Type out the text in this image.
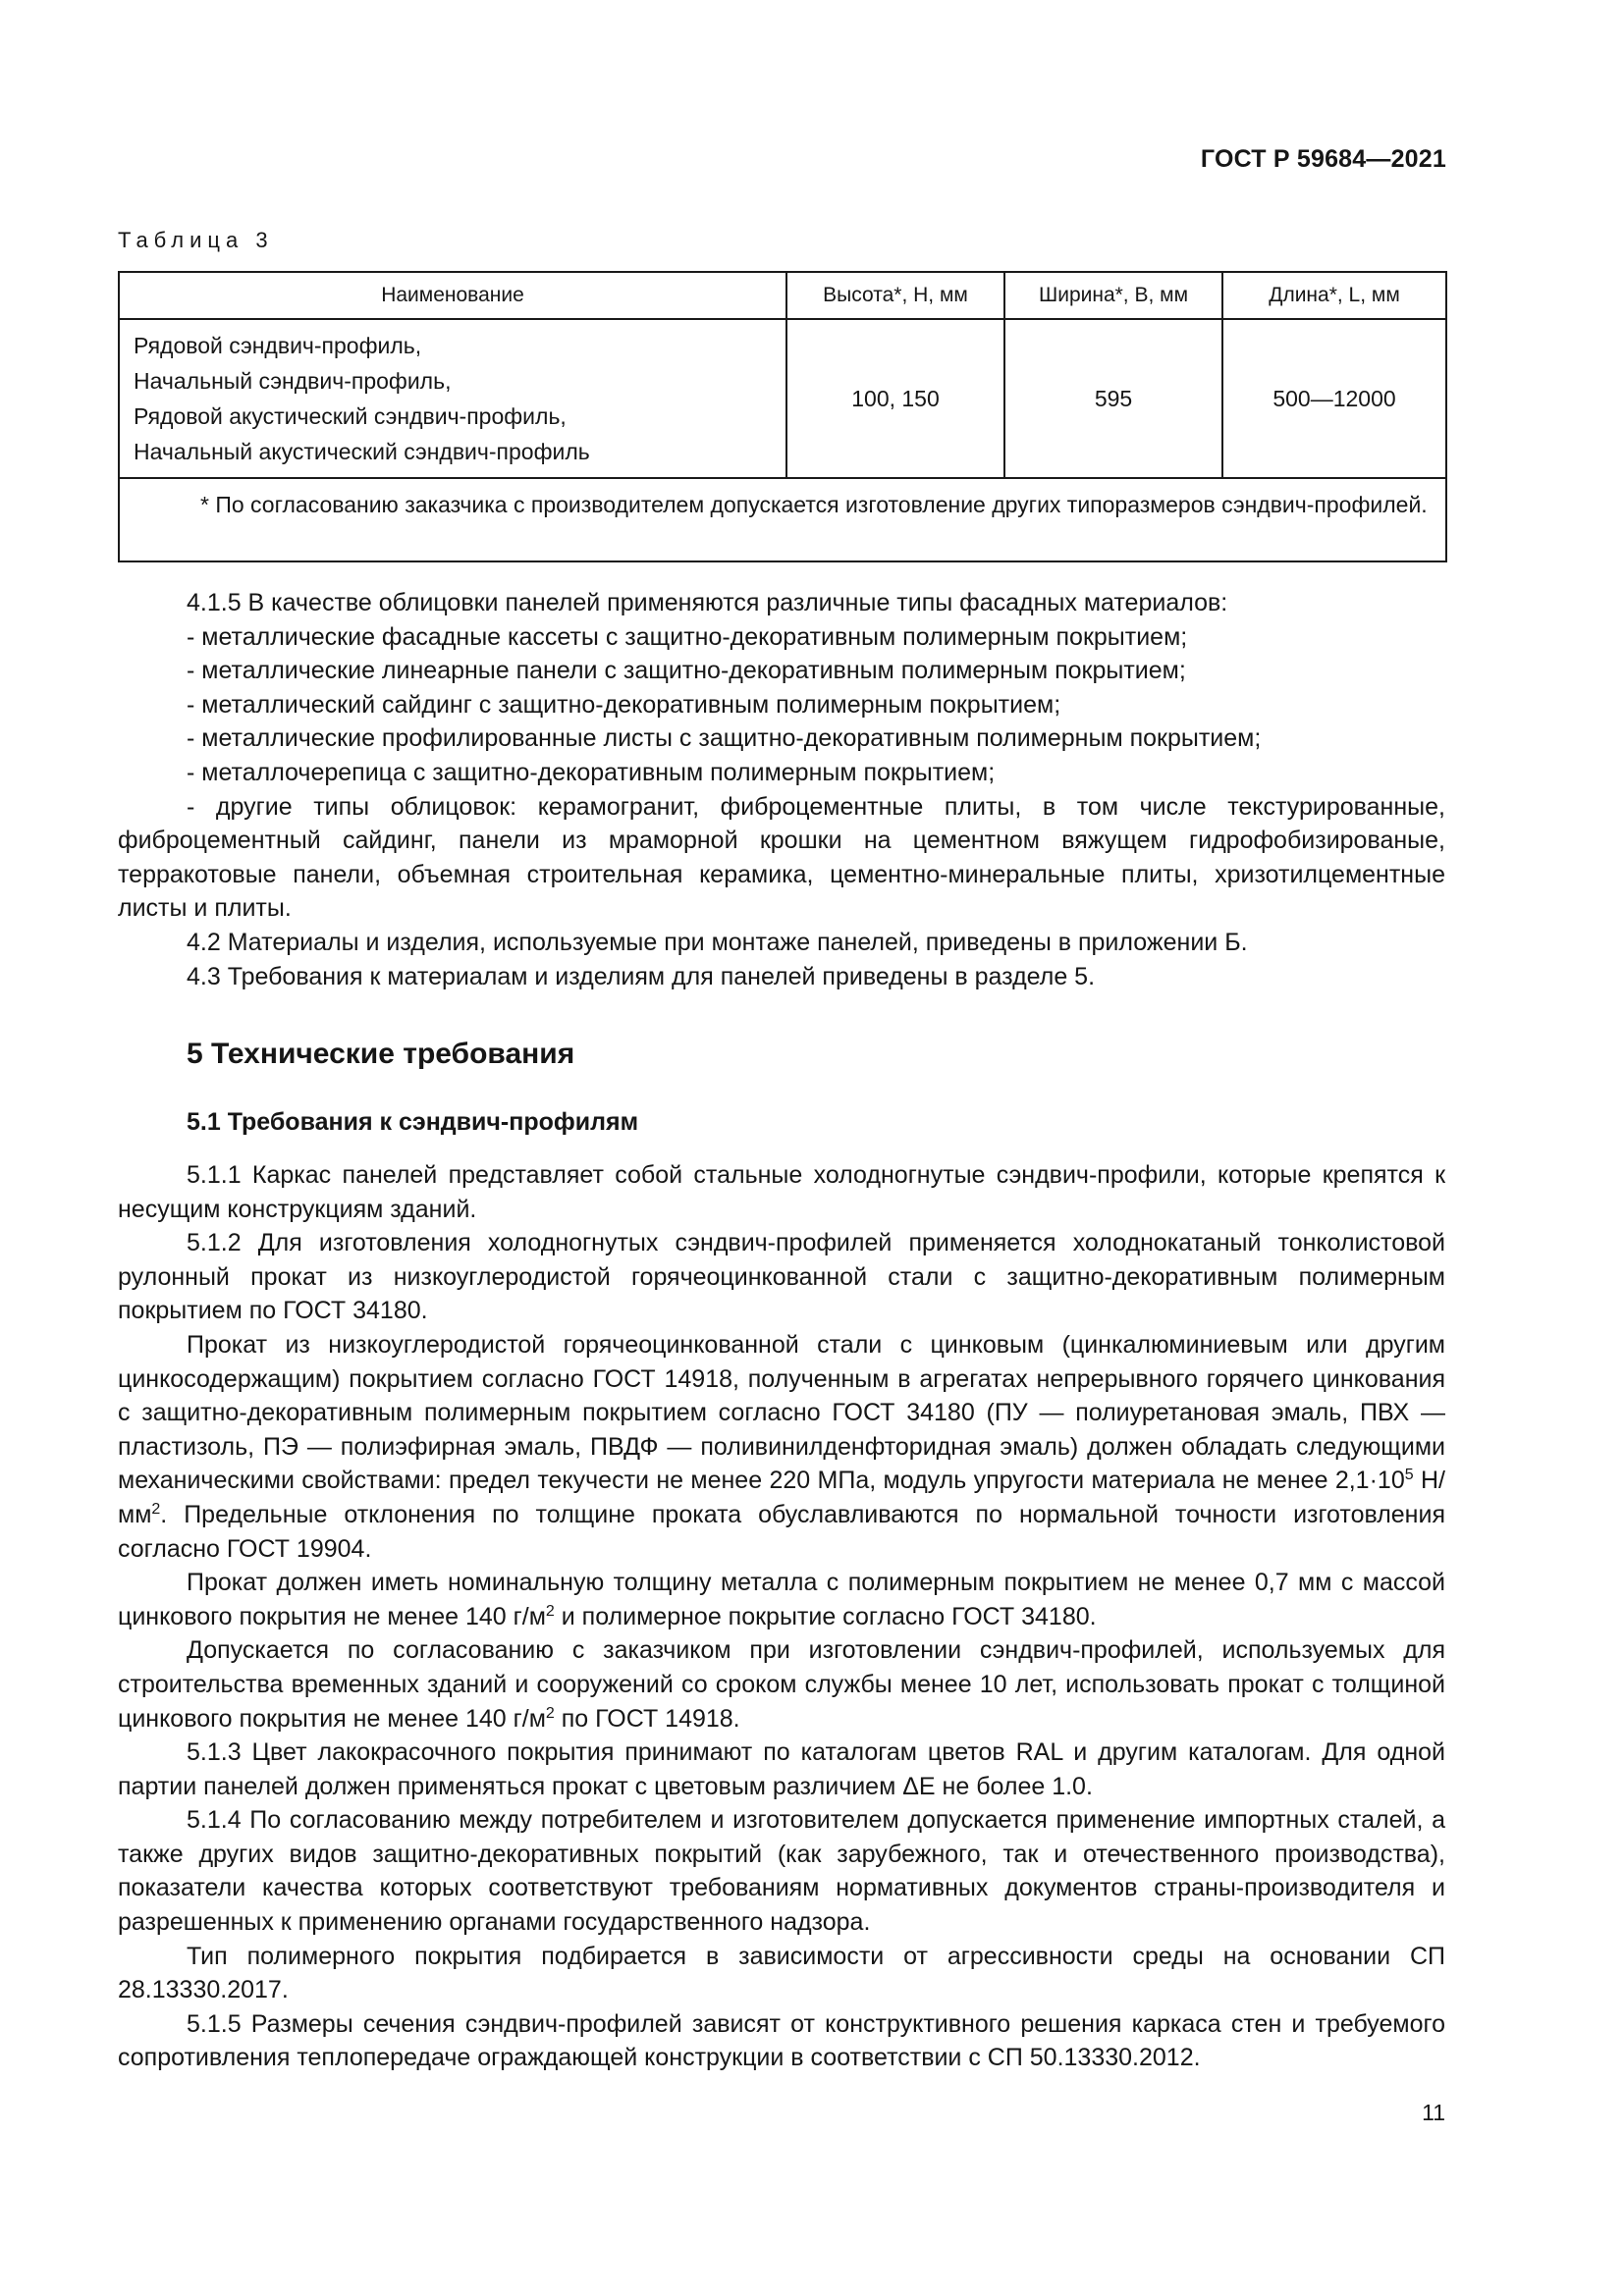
ГОСТ Р 59684—2021
Таблица 3
Наименование	Высота*, H, мм	Ширина*, B, мм	Длина*, L, мм

Рядовой сэндвич-профиль,
Начальный сэндвич-профиль,
Рядовой акустический сэндвич-профиль,
Начальный акустический сэндвич-профиль	100, 150	595	500—12000
* По согласованию заказчика с производителем допускается изготовление других типоразмеров сэндвич-профилей.			

4.1.5 В качестве облицовки панелей применяются различные типы фасадных материалов:

- металлические фасадные кассеты с защитно-декоративным полимерным покрытием;

- металлические линеарные панели с защитно-декоративным полимерным покрытием;

- металлический сайдинг с защитно-декоративным полимерным покрытием;

- металлические профилированные листы с защитно-декоративным полимерным покрытием;

- металлочерепица с защитно-декоративным полимерным покрытием;

- другие типы облицовок: керамогранит, фиброцементные плиты, в том числе текстурированные, фиброцементный сайдинг, панели из мраморной крошки на цементном вяжущем гидрофобизированые, терракотовые панели, объемная строительная керамика, цементно-минеральные плиты, хризотилцементные листы и плиты.

4.2 Материалы и изделия, используемые при монтаже панелей, приведены в приложении Б.

4.3 Требования к материалам и изделиям для панелей приведены в разделе 5.

5 Технические требования
5.1 Требования к сэндвич-профилям

5.1.1 Каркас панелей представляет собой стальные холодногнутые сэндвич-профили, которые крепятся к несущим конструкциям зданий.

5.1.2 Для изготовления холодногнутых сэндвич-профилей применяется холоднокатаный тонколистовой рулонный прокат из низкоуглеродистой горячеоцинкованной стали с защитно-декоративным полимерным покрытием по ГОСТ 34180.

Прокат из низкоуглеродистой горячеоцинкованной стали с цинковым (цинкалюминиевым или другим цинкосодержащим) покрытием согласно ГОСТ 14918, полученным в агрегатах непрерывного горячего цинкования с защитно-декоративным полимерным покрытием согласно ГОСТ 34180 (ПУ — полиуретановая эмаль, ПВХ — пластизоль, ПЭ — полиэфирная эмаль, ПВДФ — поливинилденфторидная эмаль) должен обладать следующими механическими свойствами: предел текучести не менее 220 МПа, модуль упругости материала не менее $2,1\cdot 10^5$ $Н/мм^2$. Предельные отклонения по толщине проката обуславливаются по нормальной точности изготовления согласно ГОСТ 19904.

Прокат должен иметь номинальную толщину металла с полимерным покрытием не менее 0,7 мм с массой цинкового покрытия не менее 140 $г/м^2$ и полимерное покрытие согласно ГОСТ 34180.

Допускается по согласованию с заказчиком при изготовлении сэндвич-профилей, используемых для строительства временных зданий и сооружений со сроком службы менее 10 лет, использовать прокат с толщиной цинкового покрытия не менее 140 $г/м^2$ по ГОСТ 14918.

5.1.3 Цвет лакокрасочного покрытия принимают по каталогам цветов RAL и другим каталогам. Для одной партии панелей должен применяться прокат с цветовым различием ΔE не более 1.0.

5.1.4 По согласованию между потребителем и изготовителем допускается применение импортных сталей, а также других видов защитно-декоративных покрытий (как зарубежного, так и отечественного производства), показатели качества которых соответствуют требованиям нормативных документов страны-производителя и разрешенных к применению органами государственного надзора.

Тип полимерного покрытия подбирается в зависимости от агрессивности среды на основании СП 28.13330.2017.

5.1.5 Размеры сечения сэндвич-профилей зависят от конструктивного решения каркаса стен и требуемого сопротивления теплопередаче ограждающей конструкции в соответствии с СП 50.13330.2012.

11
